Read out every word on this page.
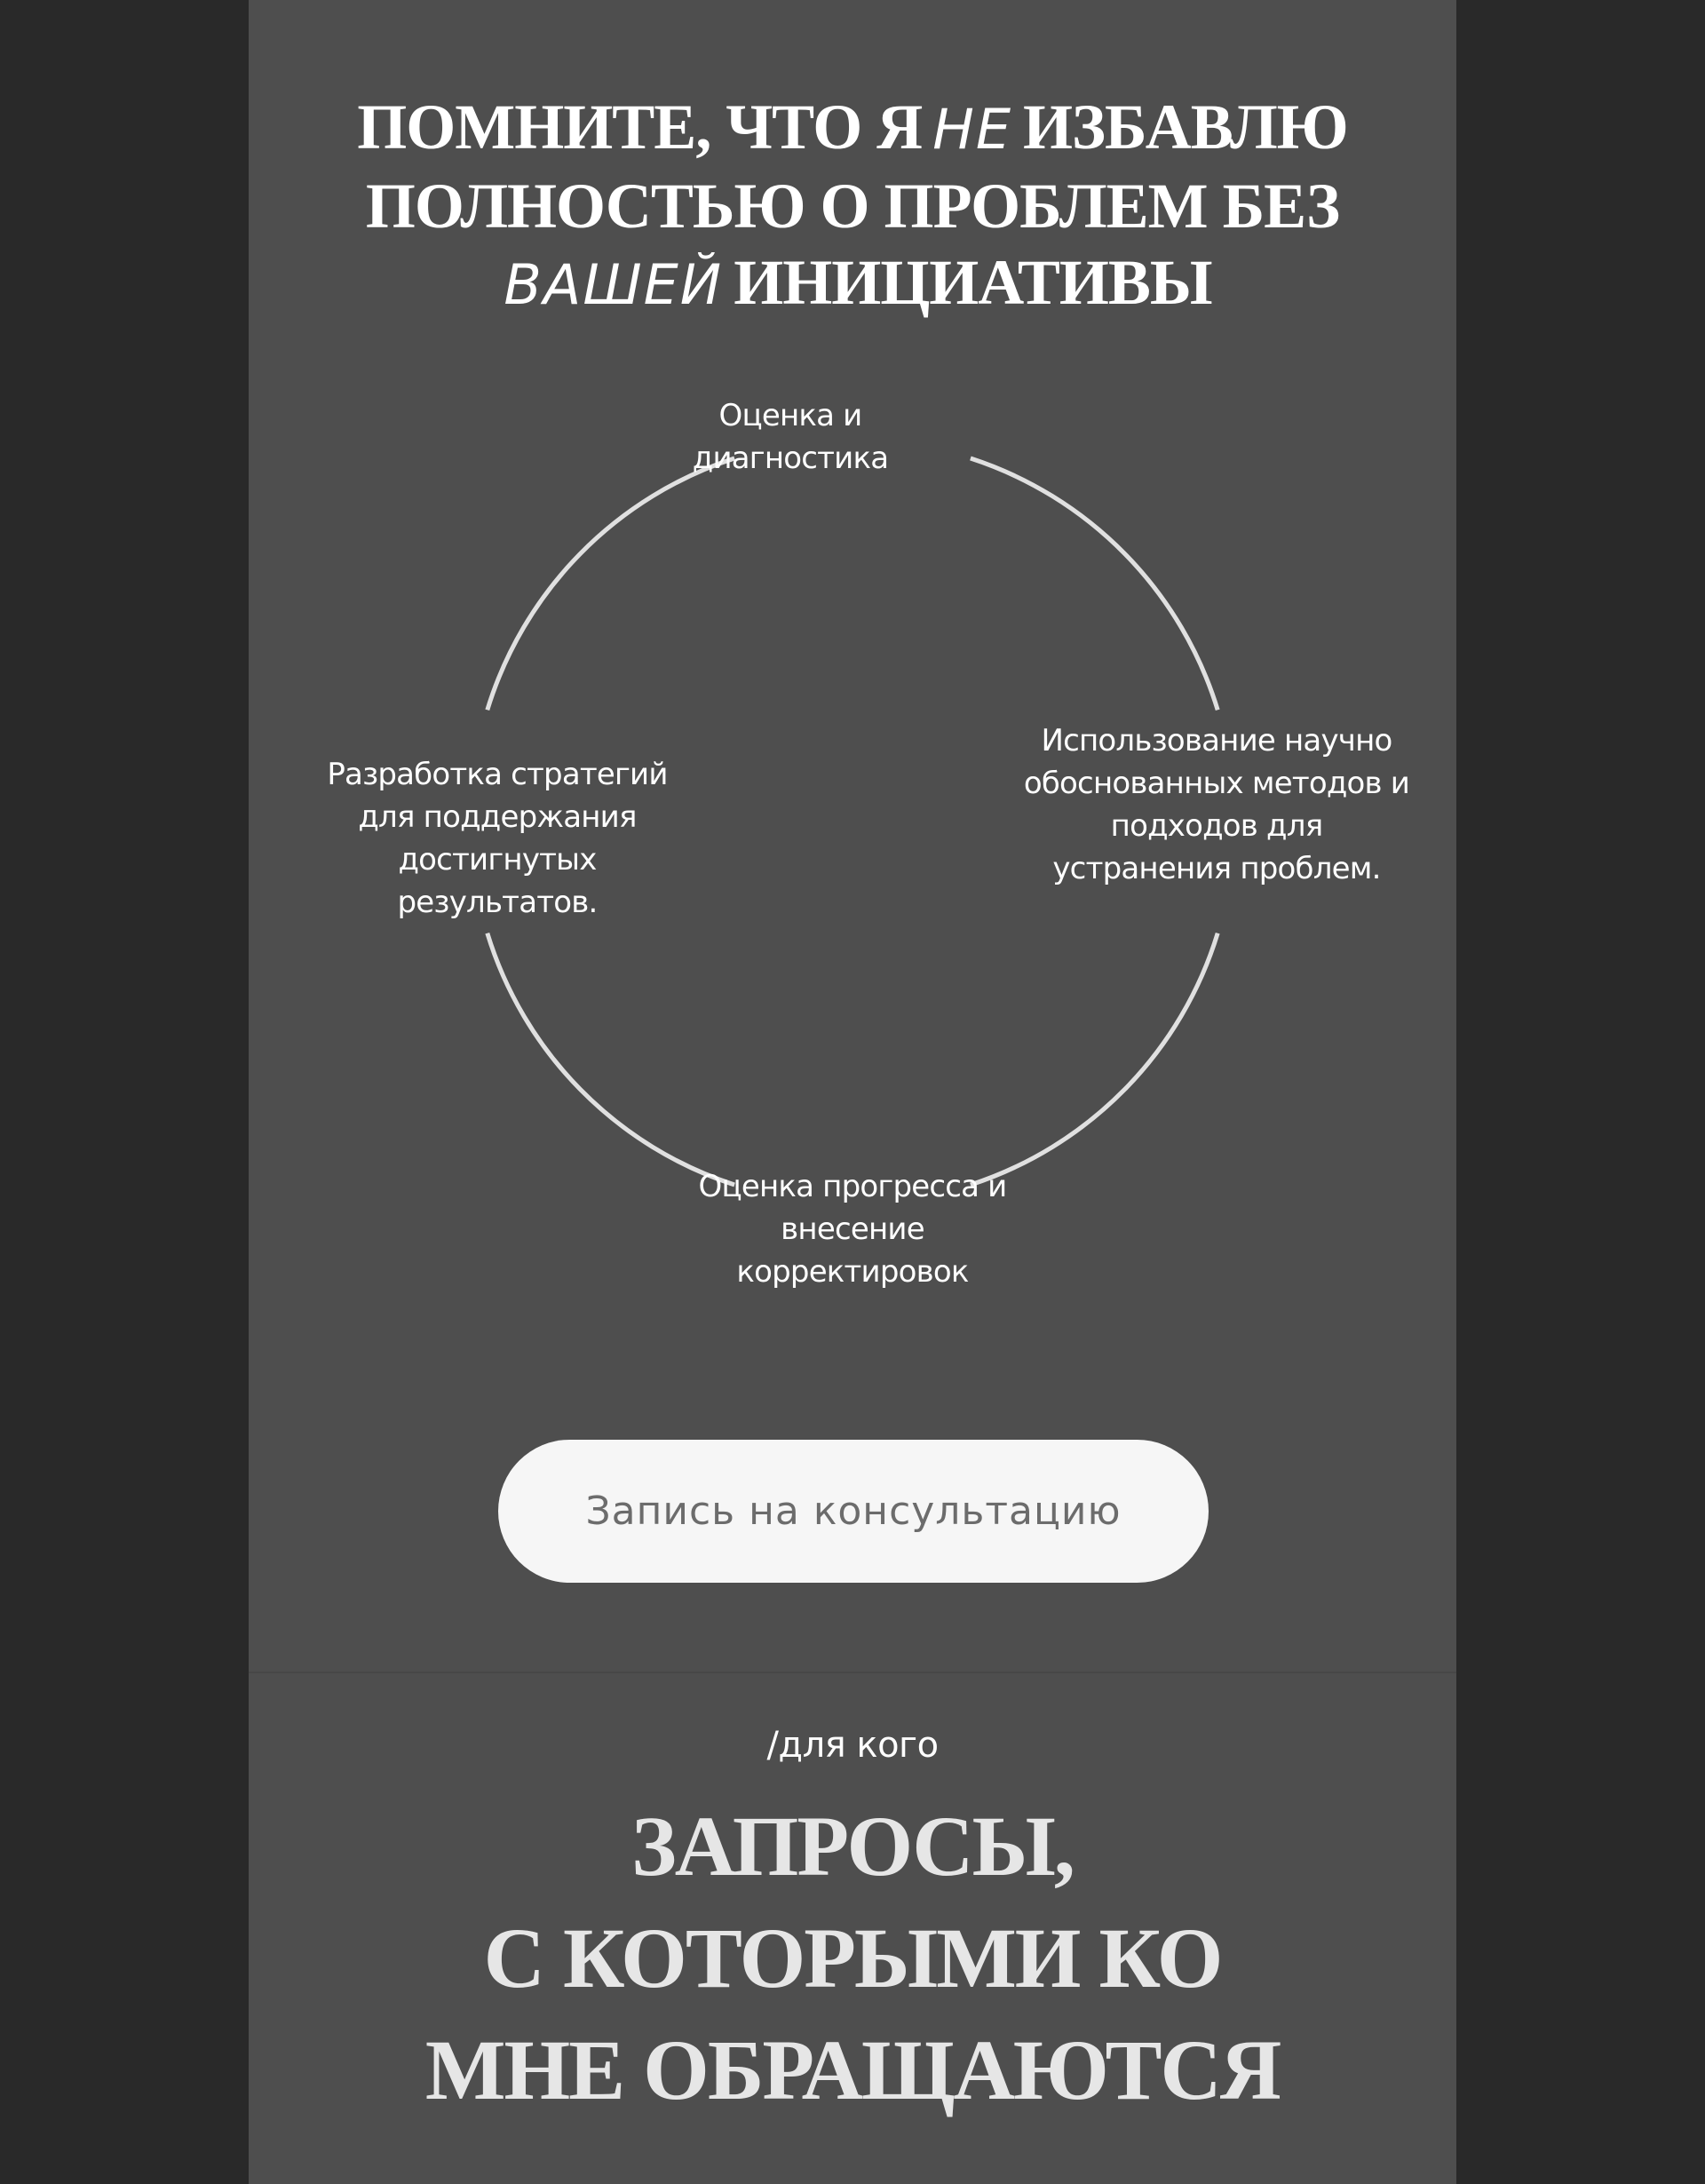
ПОМНИТЕ, ЧТО Я НЕ ИЗБАВЛЮ
ПОЛНОСТЬЮ О ПРОБЛЕМ БЕЗ
ВАШЕЙ ИНИЦИАТИВЫ
Оценка и диагностика
Использование научно обоснованных методов и подходов для устранения проблем.
Оценка прогресса и внесение корректировок
Разработка стратегий для поддержания достигнутых результатов.
Запись на консультацию
/для кого
ЗАПРОСЫ,
С КОТОРЫМИ КО
МНЕ ОБРАЩАЮТСЯ
